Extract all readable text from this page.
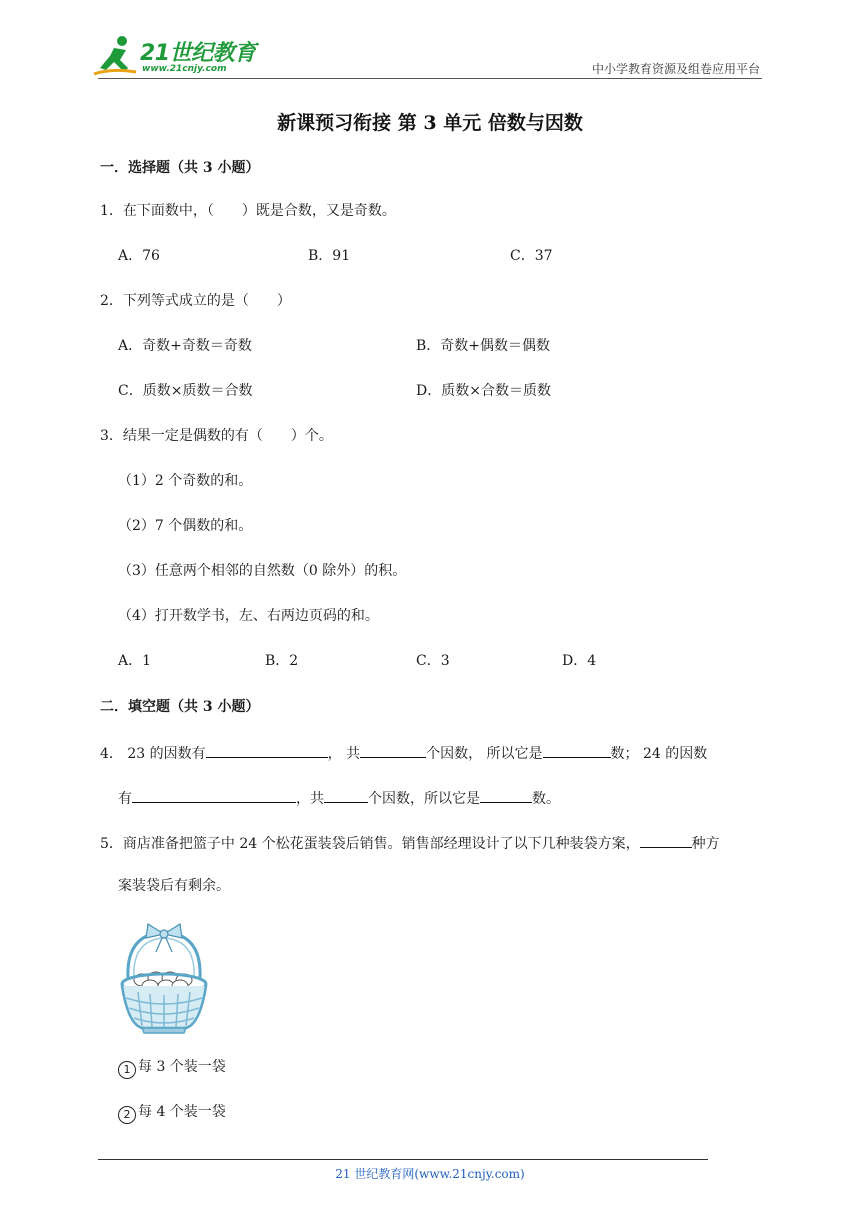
21世纪教育
www.21cnjy.com	中小学教育资源及组卷应用平台
新课预习衔接 第 3 单元 倍数与因数
一．选择题（共 3 小题）
1．在下面数中，（　　）既是合数，又是奇数。
A．76	B．91	C．37
2．下列等式成立的是（　　）
A．奇数+奇数＝奇数	B．奇数+偶数＝偶数
C．质数×质数＝合数	D．质数×合数＝质数
3．结果一定是偶数的有（　　）个。
（1）2 个奇数的和。
（2）7 个偶数的和。
（3）任意两个相邻的自然数（0 除外）的积。
（4）打开数学书，左、右两边页码的和。
A．1	B．2	C．3	D．4
二．填空题（共 3 小题）
4． 23 的因数有	， 共	个因数， 所以它是	数； 24 的因数
有	，共	个因数，所以它是	数。
5．商店准备把篮子中 24 个松花蛋装袋后销售。销售部经理设计了以下几种装袋方案，	种方
案装袋后有剩余。
1 每 3 个装一袋
2 每 4 个装一袋
21 世纪教育网(www.21cnjy.com)
